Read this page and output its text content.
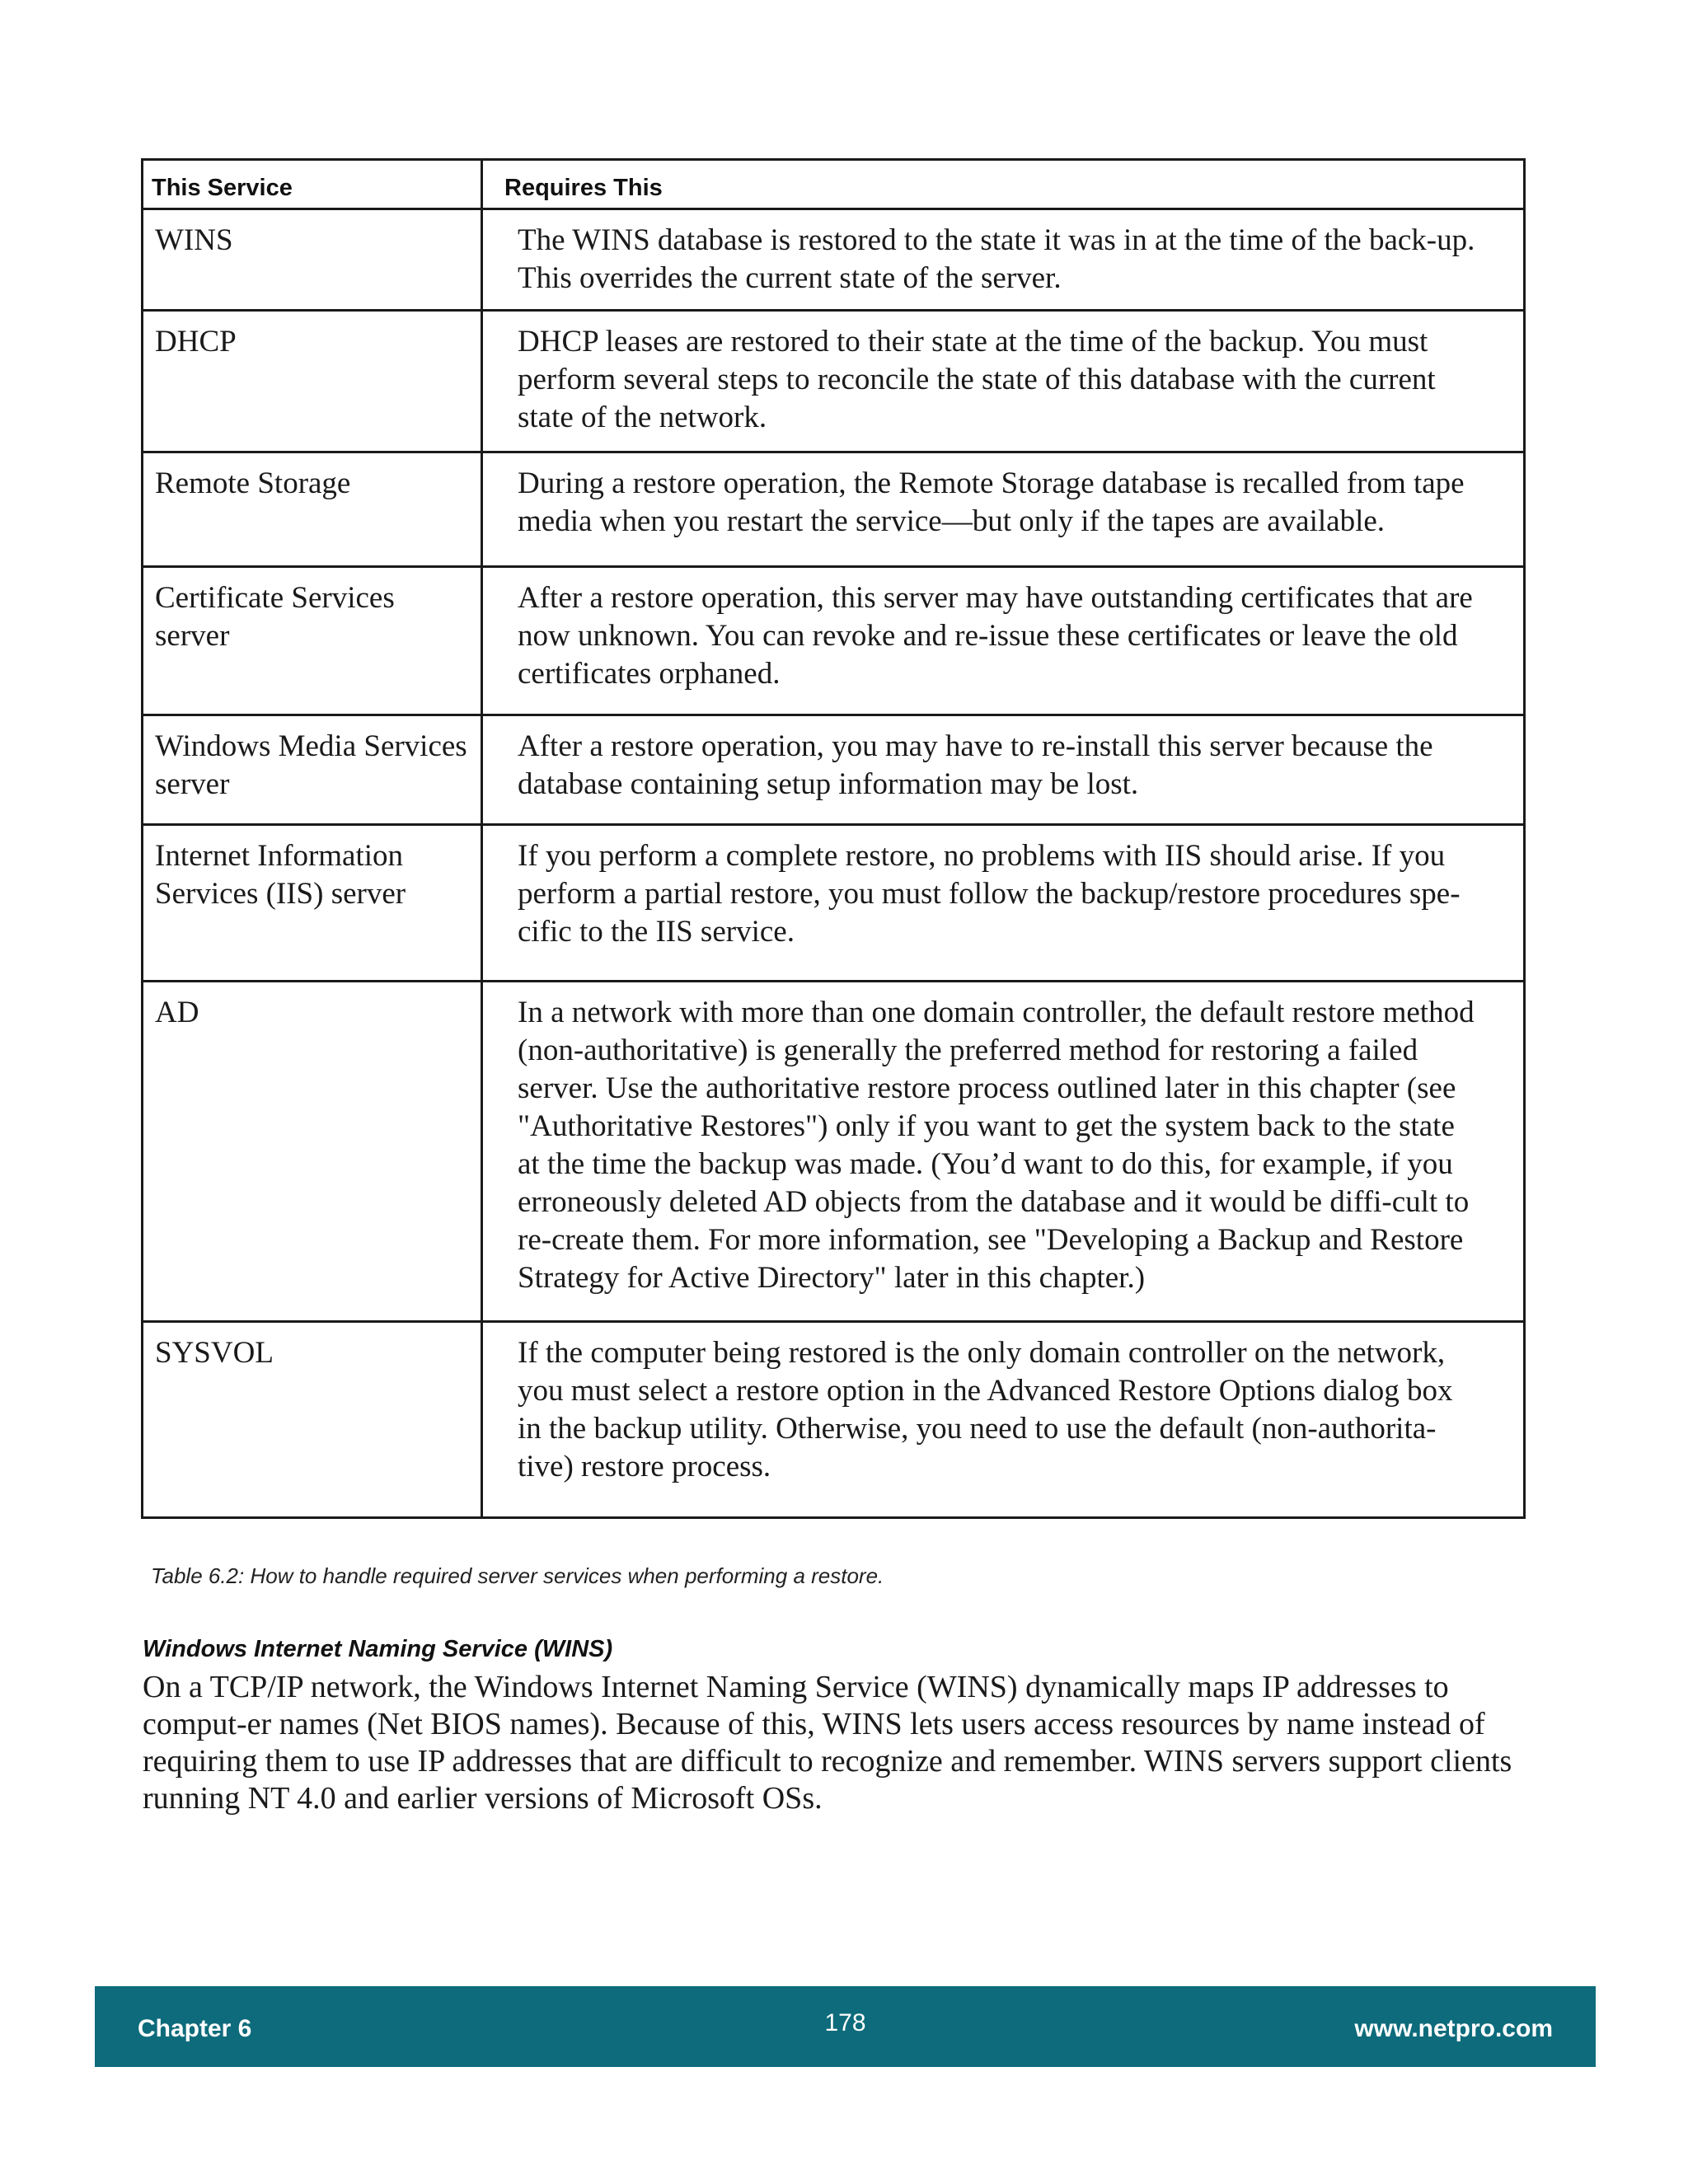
This Service	Requires This
WINS	The WINS database is restored to the state it was in at the time of the back-up. This overrides the current state of the server.
DHCP	DHCP leases are restored to their state at the time of the backup. You must perform several steps to reconcile the state of this database with the current state of the network.
Remote Storage	During a restore operation, the Remote Storage database is recalled from tape media when you restart the service—but only if the tapes are available.
Certificate Services server	After a restore operation, this server may have outstanding certificates that are now unknown. You can revoke and re-issue these certificates or leave the old certificates orphaned.
Windows Media Services server	After a restore operation, you may have to re-install this server because the database containing setup information may be lost.
Internet Information Services (IIS) server	If you perform a complete restore, no problems with IIS should arise. If you perform a partial restore, you must follow the backup/restore procedures spe-cific to the IIS service.
AD	In a network with more than one domain controller, the default restore method (non-authoritative) is generally the preferred method for restoring a failed server. Use the authoritative restore process outlined later in this chapter (see "Authoritative Restores") only if you want to get the system back to the state at the time the backup was made. (You’d want to do this, for example, if you erroneously deleted AD objects from the database and it would be diffi-cult to re-create them. For more information, see "Developing a Backup and Restore Strategy for Active Directory" later in this chapter.)
SYSVOL	If the computer being restored is the only domain controller on the network, you must select a restore option in the Advanced Restore Options dialog box in the backup utility. Otherwise, you need to use the default (non-authorita-tive) restore process.
Table 6.2: How to handle required server services when performing a restore.
Windows Internet Naming Service (WINS)
On a TCP/IP network, the Windows Internet Naming Service (WINS) dynamically maps IP addresses to comput-er names (Net BIOS names). Because of this, WINS lets users access resources by name instead of requiring them to use IP addresses that are difficult to recognize and remember. WINS servers support clients running NT 4.0 and earlier versions of Microsoft OSs.
Chapter 6	178	www.netpro.com
